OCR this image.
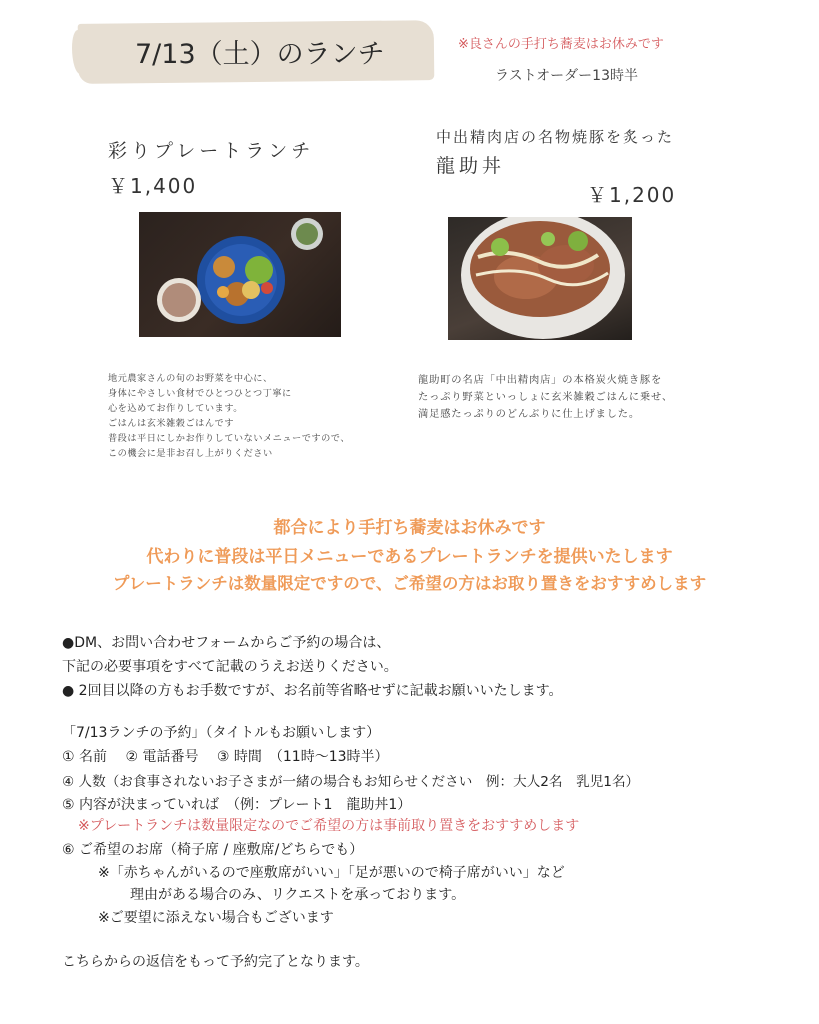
7/13（土）のランチ	※良さんの手打ち蕎麦はお休みです
ラストオーダー13時半
彩りプレートランチ
￥1,400
地元農家さんの旬のお野菜を中心に、
身体にやさしい食材でひとつひとつ丁寧に
心を込めてお作りしています。
ごはんは玄米雑穀ごはんです
普段は平日にしかお作りしていないメニューですので、
この機会に是非お召し上がりください
中出精肉店の名物焼豚を炙った
龍助丼
￥1,200
龍助町の名店「中出精肉店」の本格炭火焼き豚を
たっぷり野菜といっしょに玄米雑穀ごはんに乗せ、
満足感たっぷりのどんぶりに仕上げました。
都合により手打ち蕎麦はお休みです
代わりに普段は平日メニューであるプレートランチを提供いたします
プレートランチは数量限定ですので、ご希望の方はお取り置きをおすすめします
●DM、お問い合わせフォームからご予約の場合は、
下記の必要事項をすべて記載のうえお送りください。
● 2回目以降の方もお手数ですが、お名前等省略せずに記載お願いいたします。
「7/13ランチの予約」（タイトルもお願いします）
① 名前　 ② 電話番号　 ③ 時間　（11時～13時半）
④ 人数（お食事されないお子さまが一緒の場合もお知らせください　例：大人2名　乳児1名）
⑤ 内容が決まっていれば　（例：プレート1　龍助丼1）
※プレートランチは数量限定なのでご希望の方は事前取り置きをおすすめします
⑥ ご希望のお席（椅子席 / 座敷席/どちらでも）
※「赤ちゃんがいるので座敷席がいい」「足が悪いので椅子席がいい」など
理由がある場合のみ、リクエストを承っております。
※ご要望に添えない場合もございます
こちらからの返信をもって予約完了となります。
